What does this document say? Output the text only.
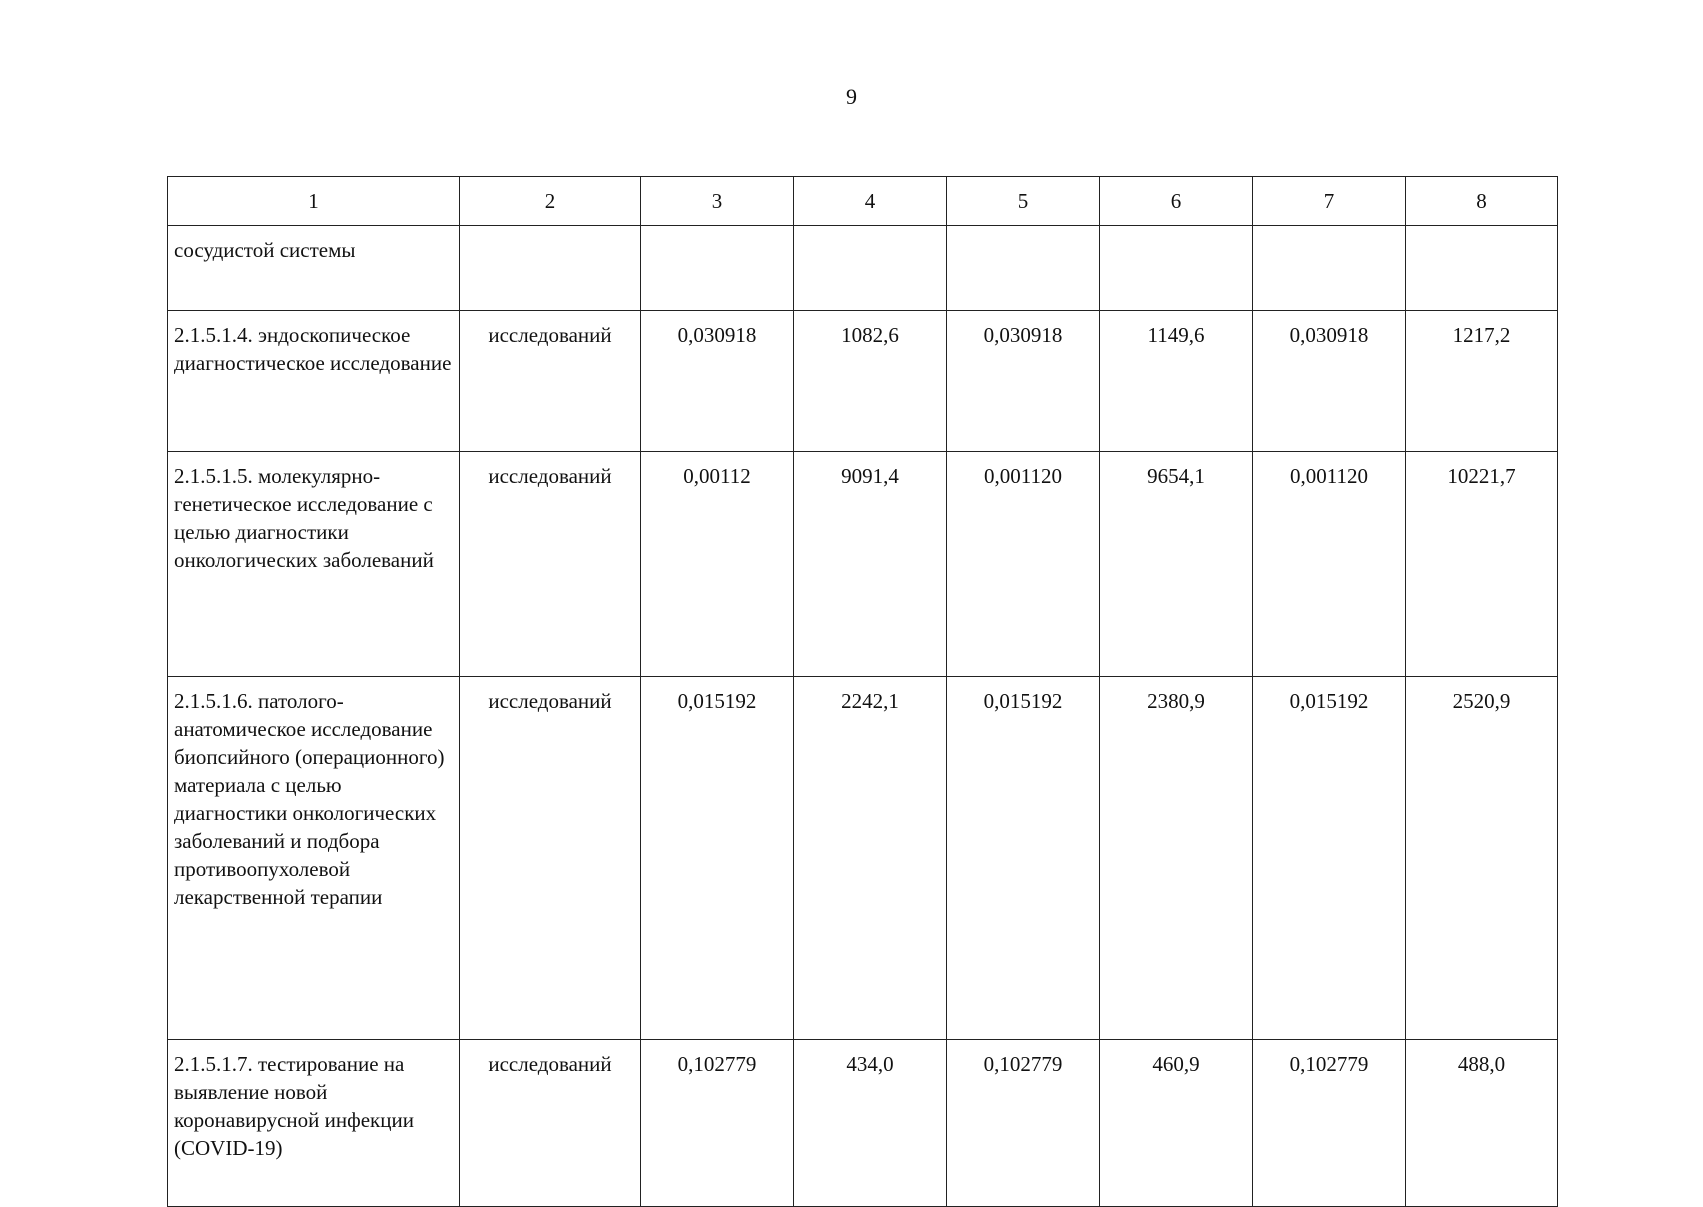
9
1	2	3	4	5	6	7	8
сосудистой системы							
2.1.5.1.4. эндоскопическое диагностическое исследование	исследований	0,030918	1082,6	0,030918	1149,6	0,030918	1217,2
2.1.5.1.5. молекулярно-генетическое исследование с целью диагностики онкологических заболеваний	исследований	0,00112	9091,4	0,001120	9654,1	0,001120	10221,7
2.1.5.1.6. патолого-анатомическое исследование биопсийного (операционного) материала с целью диагностики онкологических заболеваний и подбора противоопухолевой лекарственной терапии	исследований	0,015192	2242,1	0,015192	2380,9	0,015192	2520,9
2.1.5.1.7. тестирование на выявление новой коронавирусной инфекции (COVID-19)	исследований	0,102779	434,0	0,102779	460,9	0,102779	488,0
